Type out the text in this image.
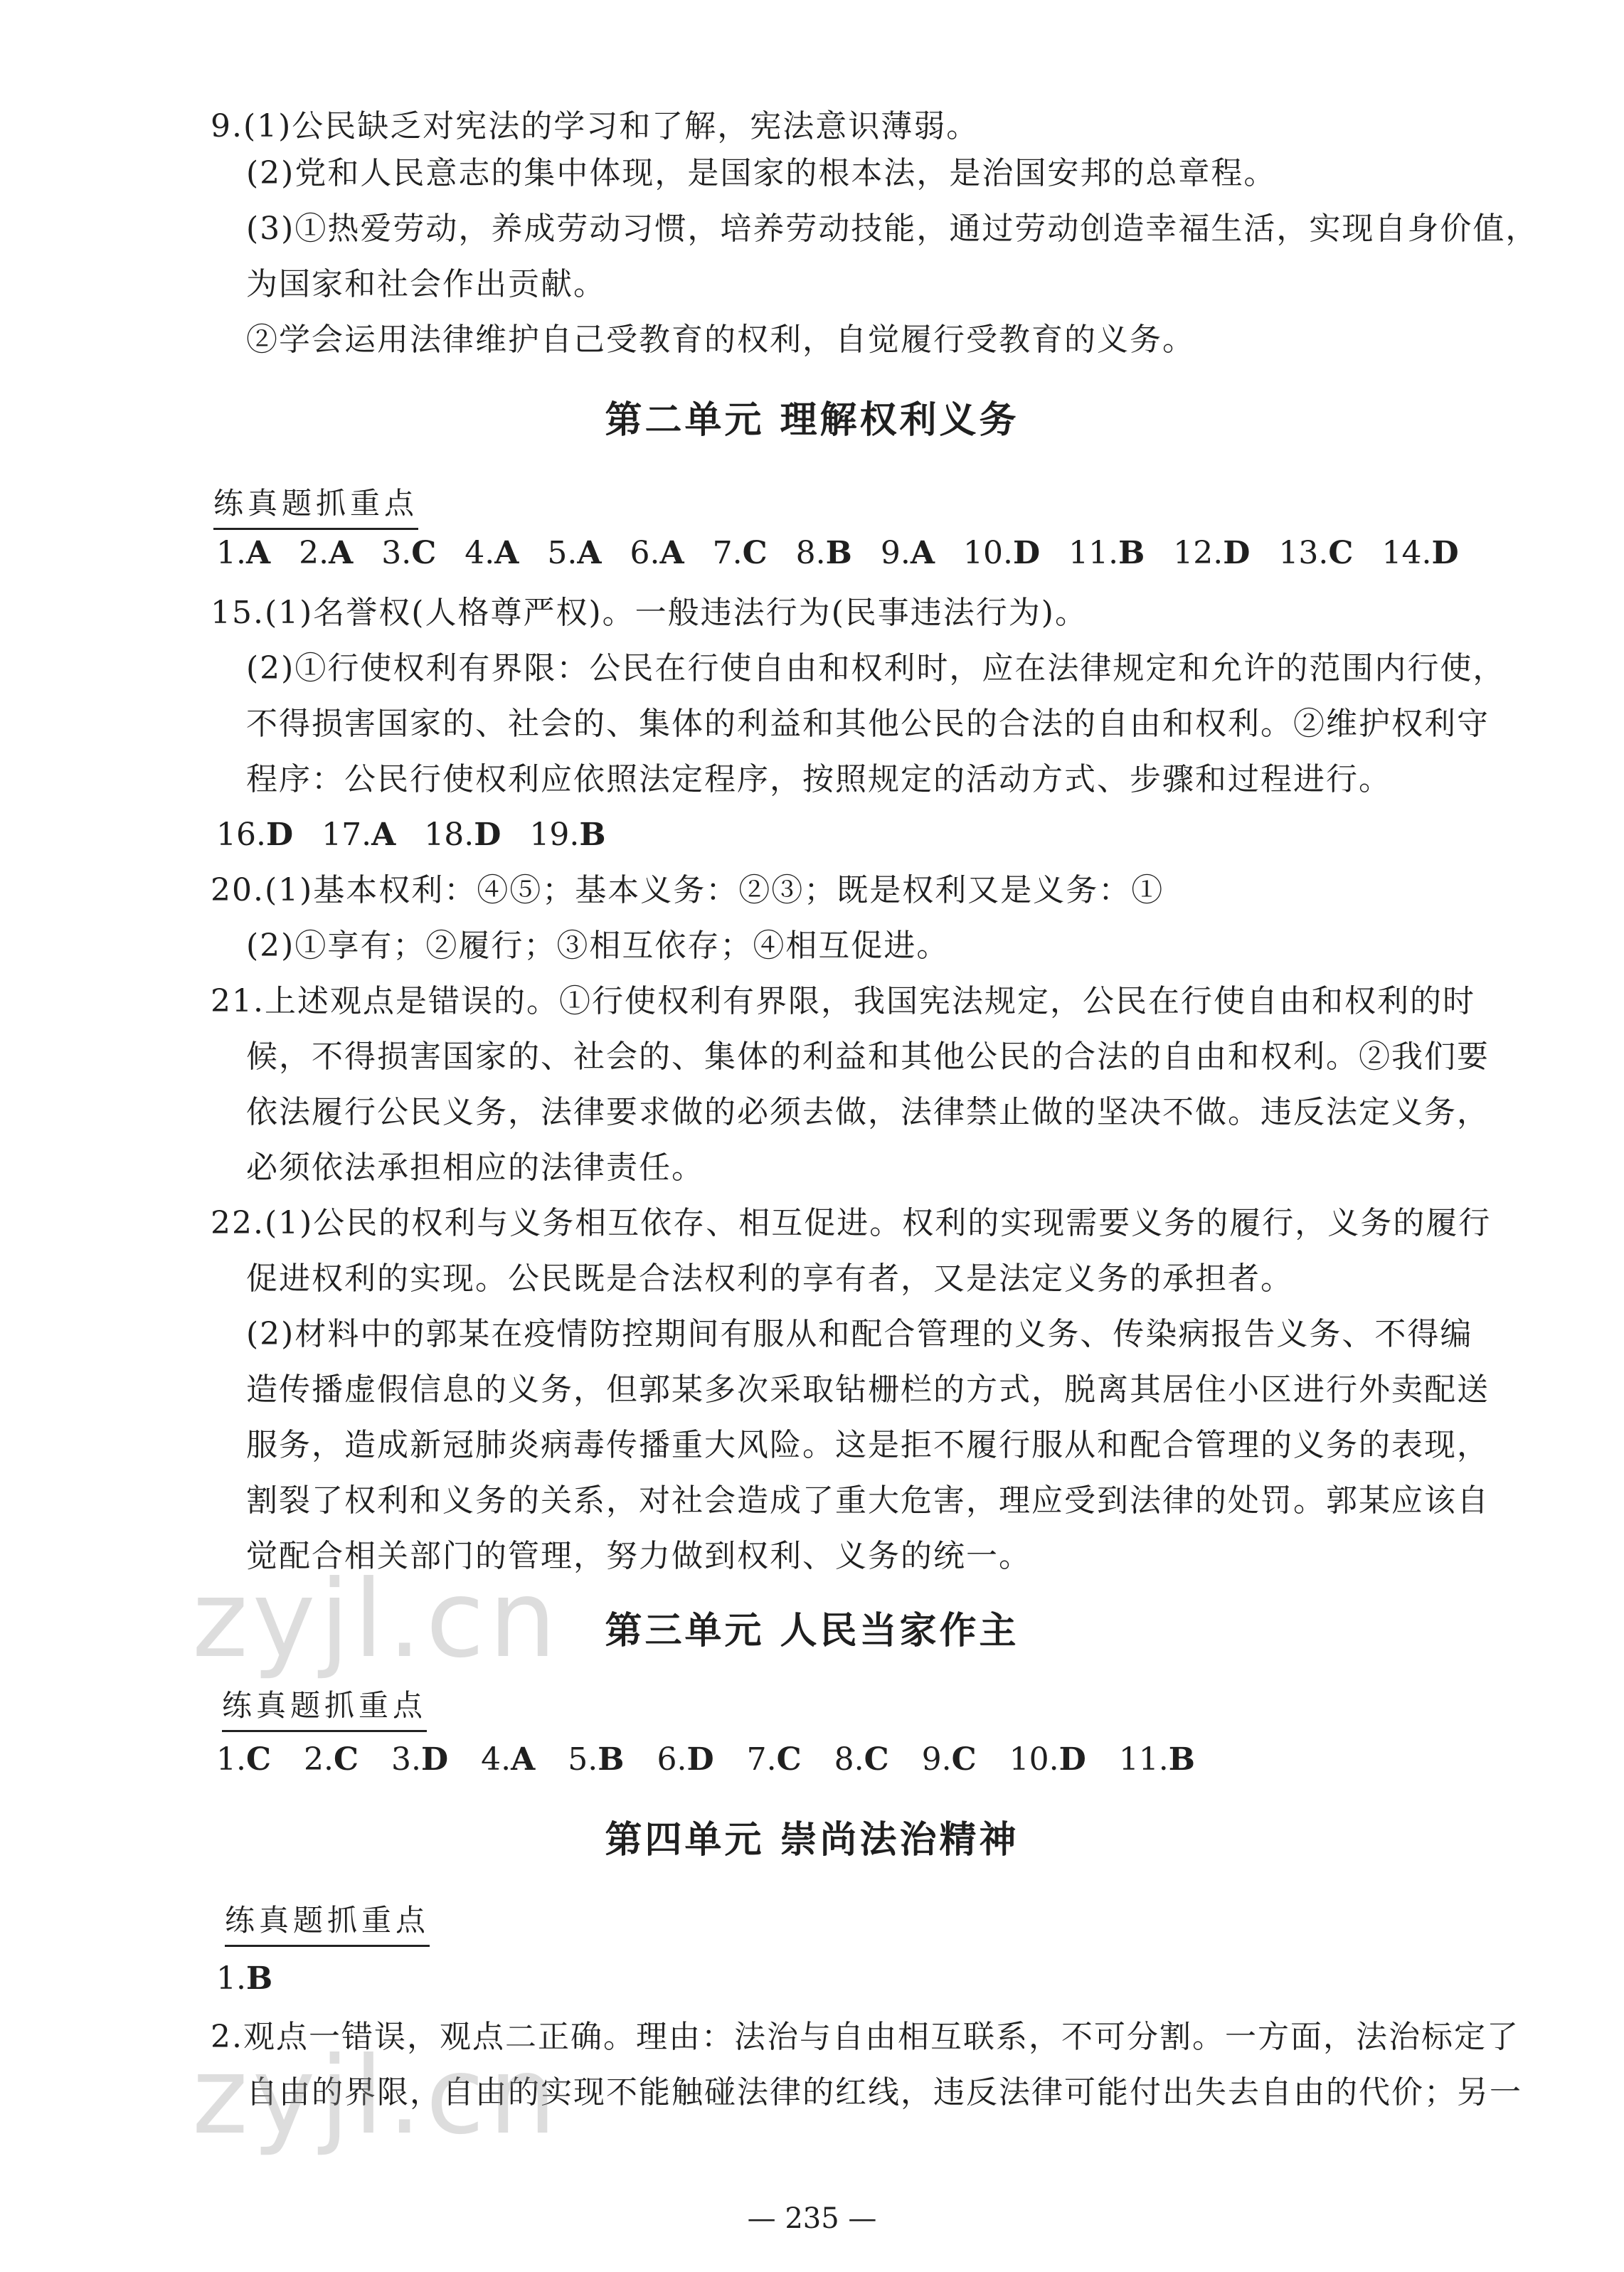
9.(1)公民缺乏对宪法的学习和了解，宪法意识薄弱。
(2)党和人民意志的集中体现，是国家的根本法，是治国安邦的总章程。
(3)①热爱劳动，养成劳动习惯，培养劳动技能，通过劳动创造幸福生活，实现自身价值，
为国家和社会作出贡献。
②学会运用法律维护自己受教育的权利，自觉履行受教育的义务。
第二单元 理解权利义务
练真题抓重点
1.A 2.A 3.C 4.A 5.A 6.A 7.C 8.B 9.A 10.D 11.B 12.D 13.C 14.D
15.(1)名誉权(人格尊严权)。一般违法行为(民事违法行为)。
(2)①行使权利有界限：公民在行使自由和权利时，应在法律规定和允许的范围内行使，
不得损害国家的、社会的、集体的利益和其他公民的合法的自由和权利。②维护权利守
程序：公民行使权利应依照法定程序，按照规定的活动方式、步骤和过程进行。
16.D 17.A 18.D 19.B
20.(1)基本权利：④⑤；基本义务：②③；既是权利又是义务：①
(2)①享有；②履行；③相互依存；④相互促进。
21.上述观点是错误的。①行使权利有界限，我国宪法规定，公民在行使自由和权利的时
候，不得损害国家的、社会的、集体的利益和其他公民的合法的自由和权利。②我们要
依法履行公民义务，法律要求做的必须去做，法律禁止做的坚决不做。违反法定义务，
必须依法承担相应的法律责任。
22.(1)公民的权利与义务相互依存、相互促进。权利的实现需要义务的履行，义务的履行
促进权利的实现。公民既是合法权利的享有者，又是法定义务的承担者。
(2)材料中的郭某在疫情防控期间有服从和配合管理的义务、传染病报告义务、不得编
造传播虚假信息的义务，但郭某多次采取钻栅栏的方式，脱离其居住小区进行外卖配送
服务，造成新冠肺炎病毒传播重大风险。这是拒不履行服从和配合管理的义务的表现，
割裂了权利和义务的关系，对社会造成了重大危害，理应受到法律的处罚。郭某应该自
觉配合相关部门的管理，努力做到权利、义务的统一。
第三单元 人民当家作主
练真题抓重点
1.C 2.C 3.D 4.A 5.B 6.D 7.C 8.C 9.C 10.D 11.B
第四单元 崇尚法治精神
练真题抓重点
1.B
2.观点一错误，观点二正确。理由：法治与自由相互联系，不可分割。一方面，法治标定了
自由的界限，自由的实现不能触碰法律的红线，违反法律可能付出失去自由的代价；另一
zyjl.cn
zyjl.cn
— 235 —
